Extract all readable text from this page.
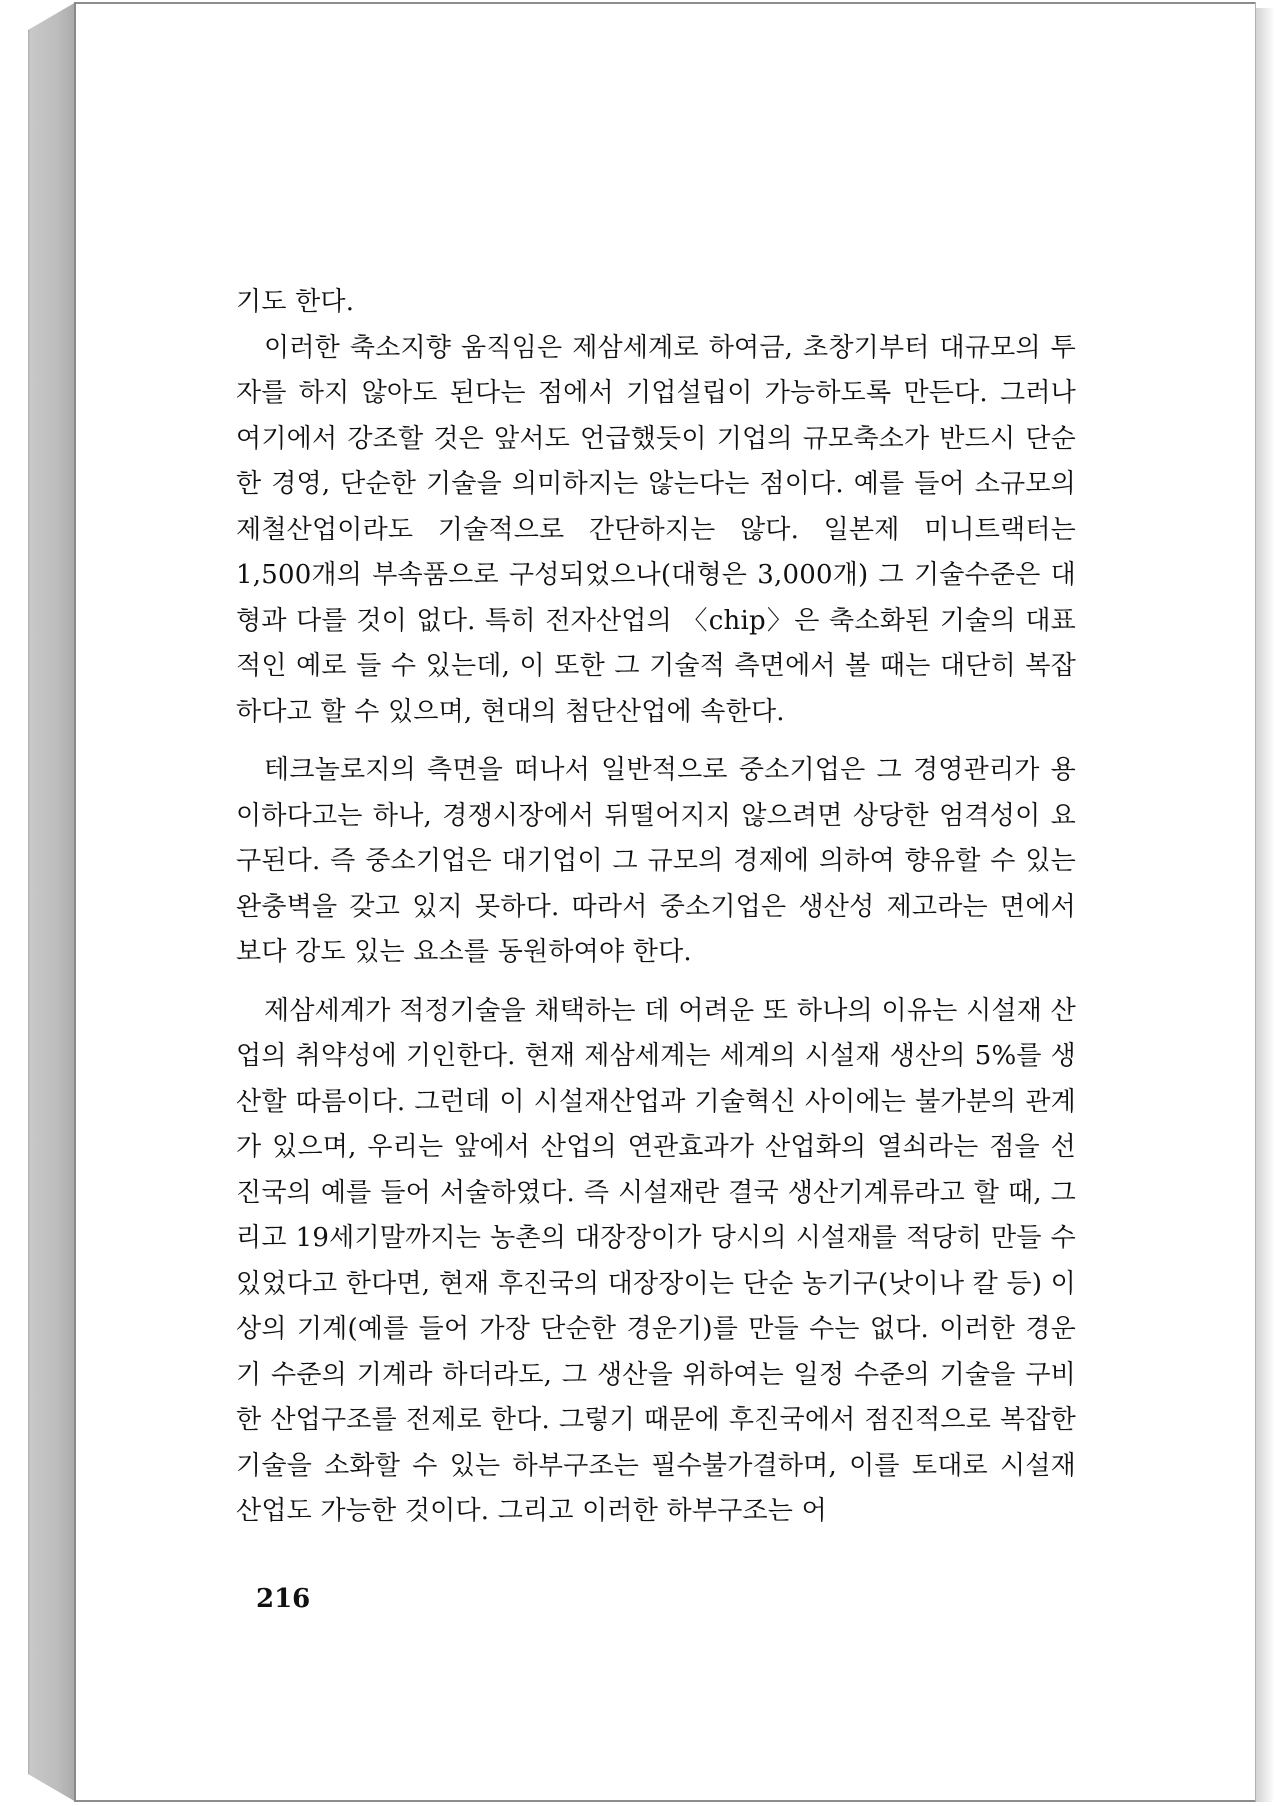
기도 한다.

이러한 축소지향 움직임은 제삼세계로 하여금, 초창기부터 대규모의 투자를 하지 않아도 된다는 점에서 기업설립이 가능하도록 만든다. 그러나 여기에서 강조할 것은 앞서도 언급했듯이 기업의 규모축소가 반드시 단순한 경영, 단순한 기술을 의미하지는 않는다는 점이다. 예를 들어 소규모의 제철산업이라도 기술적으로 간단하지는 않다. 일본제 미니트랙터는 1,500개의 부속품으로 구성되었으나(대형은 3,000개) 그 기술수준은 대형과 다를 것이 없다. 특히 전자산업의 〈chip〉은 축소화된 기술의 대표적인 예로 들 수 있는데, 이 또한 그 기술적 측면에서 볼 때는 대단히 복잡하다고 할 수 있으며, 현대의 첨단산업에 속한다.

테크놀로지의 측면을 떠나서 일반적으로 중소기업은 그 경영관리가 용이하다고는 하나, 경쟁시장에서 뒤떨어지지 않으려면 상당한 엄격성이 요구된다. 즉 중소기업은 대기업이 그 규모의 경제에 의하여 향유할 수 있는 완충벽을 갖고 있지 못하다. 따라서 중소기업은 생산성 제고라는 면에서 보다 강도 있는 요소를 동원하여야 한다.

제삼세계가 적정기술을 채택하는 데 어려운 또 하나의 이유는 시설재 산업의 취약성에 기인한다. 현재 제삼세계는 세계의 시설재 생산의 5%를 생산할 따름이다. 그런데 이 시설재산업과 기술혁신 사이에는 불가분의 관계가 있으며, 우리는 앞에서 산업의 연관효과가 산업화의 열쇠라는 점을 선진국의 예를 들어 서술하였다. 즉 시설재란 결국 생산기계류라고 할 때, 그리고 19세기말까지는 농촌의 대장장이가 당시의 시설재를 적당히 만들 수 있었다고 한다면, 현재 후진국의 대장장이는 단순 농기구(낫이나 칼 등) 이상의 기계(예를 들어 가장 단순한 경운기)를 만들 수는 없다. 이러한 경운기 수준의 기계라 하더라도, 그 생산을 위하여는 일정 수준의 기술을 구비한 산업구조를 전제로 한다. 그렇기 때문에 후진국에서 점진적으로 복잡한 기술을 소화할 수 있는 하부구조는 필수불가결하며, 이를 토대로 시설재 산업도 가능한 것이다. 그리고 이러한 하부구조는 어

216
